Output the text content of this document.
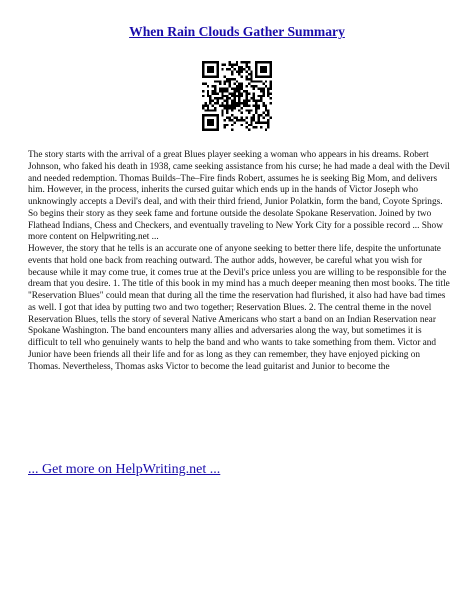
When Rain Clouds Gather Summary

The story starts with the arrival of a great Blues player seeking a woman who appears in his dreams. Robert Johnson, who faked his death in 1938, came seeking assistance from his curse; he had made a deal with the Devil and needed redemption. Thomas Builds–The–Fire finds Robert, assumes he is seeking Big Mom, and delivers him. However, in the process, inherits the cursed guitar which ends up in the hands of Victor Joseph who unknowingly accepts a Devil's deal, and with their third friend, Junior Polatkin, form the band, Coyote Springs. So begins their story as they seek fame and fortune outside the desolate Spokane Reservation. Joined by two Flathead Indians, Chess and Checkers, and eventually traveling to New York City for a possible record ... Show more content on Helpwriting.net ...

However, the story that he tells is an accurate one of anyone seeking to better there life, despite the unfortunate events that hold one back from reaching outward. The author adds, however, be careful what you wish for because while it may come true, it comes true at the Devil's price unless you are willing to be responsible for the dream that you desire. 1. The title of this book in my mind has a much deeper meaning then most books. The title "Reservation Blues" could mean that during all the time the reservation had flurished, it also had have bad times as well. I got that idea by putting two and two together; Reservation Blues. 2. The central theme in the novel Reservation Blues, tells the story of several Native Americans who start a band on an Indian Reservation near Spokane Washington. The band encounters many allies and adversaries along the way, but sometimes it is difficult to tell who genuinely wants to help the band and who wants to take something from them. Victor and Junior have been friends all their life and for as long as they can remember, they have enjoyed picking on Thomas. Nevertheless, Thomas asks Victor to become the lead guitarist and Junior to become the

... Get more on HelpWriting.net ...
